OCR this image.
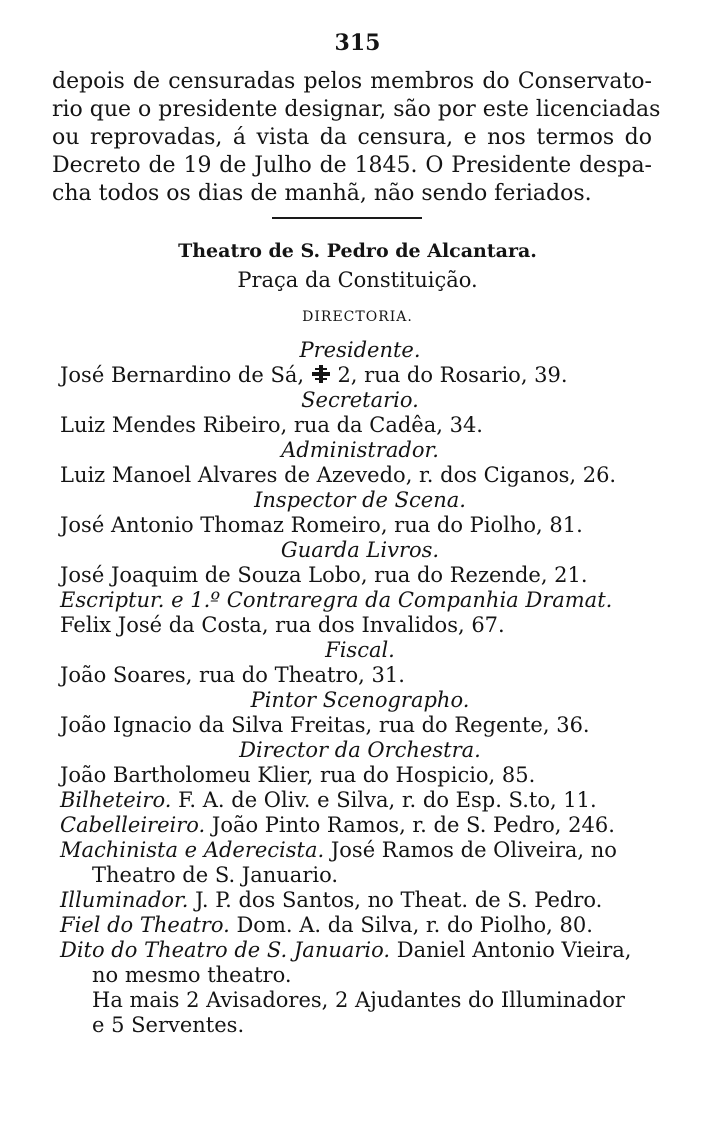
315
depois de censuradas pelos membros do Conservato-
rio que o presidente designar, são por este licenciadas
ou reprovadas, á vista da censura, e nos termos do
Decreto de 19 de Julho de 1845. O Presidente despa-
cha todos os dias de manhã, não sendo feriados.
Theatro de S. Pedro de Alcantara.
Praça da Constituição.
DIRECTORIA.
Presidente.
José Bernardino de Sá, 2, rua do Rosario, 39.
Secretario.
Luiz Mendes Ribeiro, rua da Cadêa, 34.
Administrador.
Luiz Manoel Alvares de Azevedo, r. dos Ciganos, 26.
Inspector de Scena.
José Antonio Thomaz Romeiro, rua do Piolho, 81.
Guarda Livros.
José Joaquim de Souza Lobo, rua do Rezende, 21.
Escriptur. e 1.º Contraregra da Companhia Dramat.
Felix José da Costa, rua dos Invalidos, 67.
Fiscal.
João Soares, rua do Theatro, 31.
Pintor Scenographo.
João Ignacio da Silva Freitas, rua do Regente, 36.
Director da Orchestra.
João Bartholomeu Klier, rua do Hospicio, 85.
Bilheteiro. F. A. de Oliv. e Silva, r. do Esp. S.to, 11.
Cabelleireiro. João Pinto Ramos, r. de S. Pedro, 246.
Machinista e Aderecista. José Ramos de Oliveira, no
Theatro de S. Januario.
Illuminador. J. P. dos Santos, no Theat. de S. Pedro.
Fiel do Theatro. Dom. A. da Silva, r. do Piolho, 80.
Dito do Theatro de S. Januario. Daniel Antonio Vieira,
no mesmo theatro.
Ha mais 2 Avisadores, 2 Ajudantes do Illuminador
e 5 Serventes.
